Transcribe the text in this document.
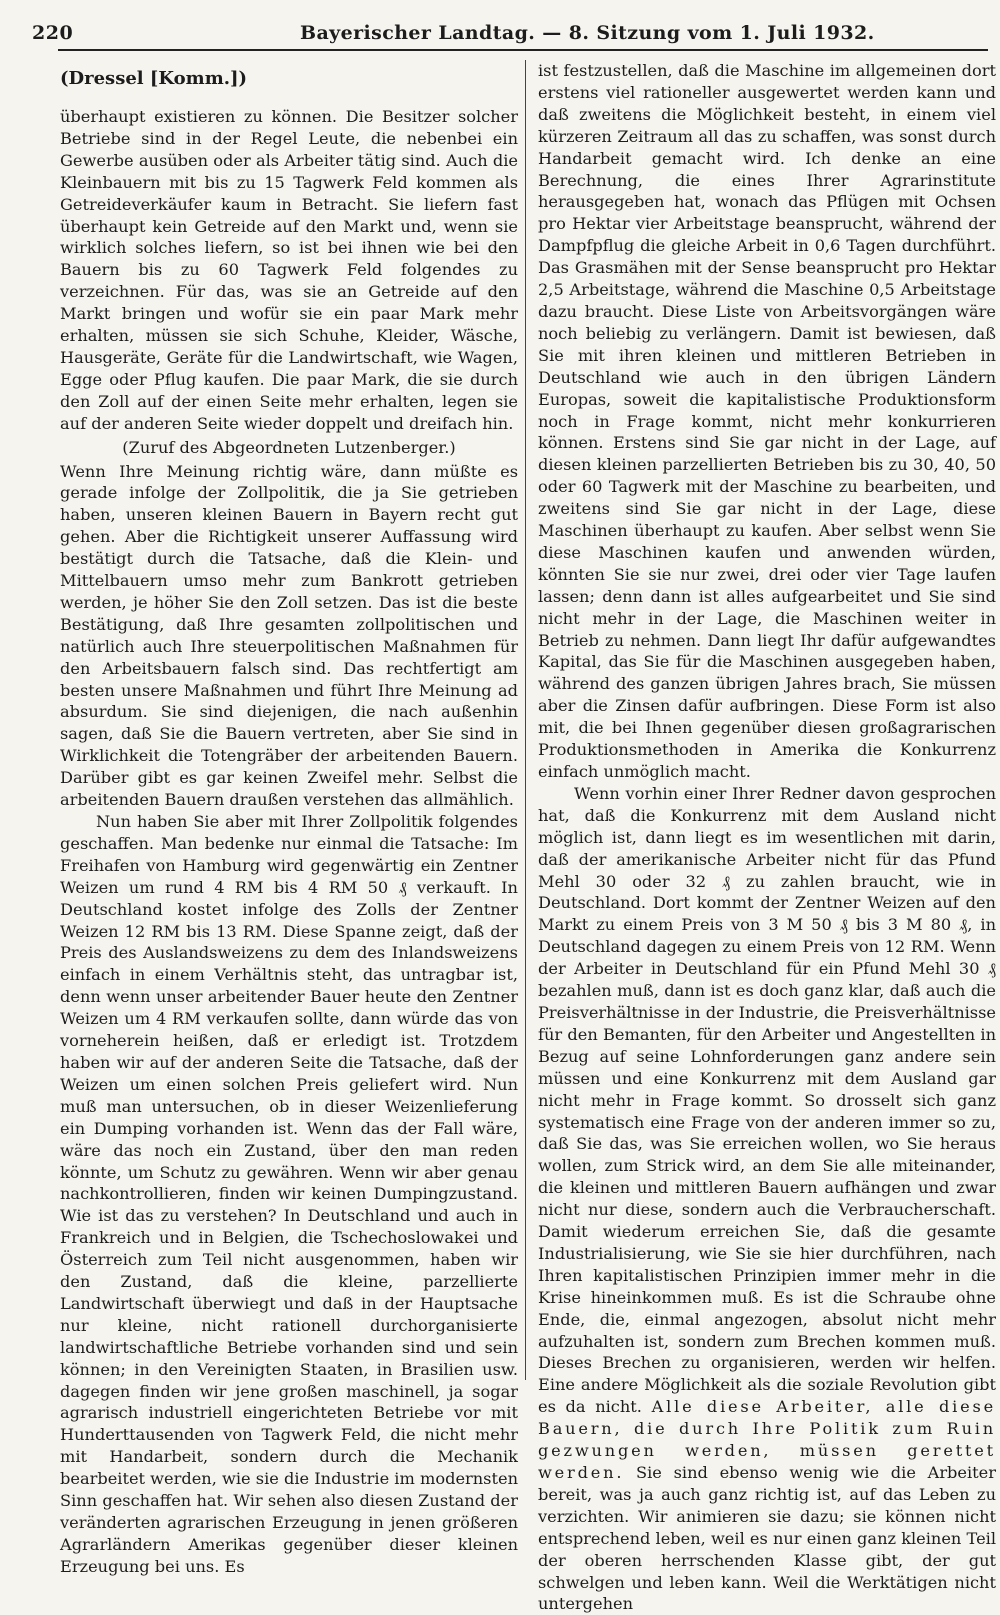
220	Bayerischer Landtag. — 8. Sitzung vom 1. Juli 1932.
(Dressel [Komm.])

überhaupt existieren zu können. Die Besitzer solcher Betriebe sind in der Regel Leute, die nebenbei ein Gewerbe ausüben oder als Arbeiter tätig sind. Auch die Kleinbauern mit bis zu 15 Tagwerk Feld kommen als Getreideverkäufer kaum in Betracht. Sie liefern fast überhaupt kein Getreide auf den Markt und, wenn sie wirklich solches liefern, so ist bei ihnen wie bei den Bauern bis zu 60 Tagwerk Feld folgendes zu verzeichnen. Für das, was sie an Getreide auf den Markt bringen und wofür sie ein paar Mark mehr erhalten, müssen sie sich Schuhe, Kleider, Wäsche, Hausgeräte, Geräte für die Landwirtschaft, wie Wagen, Egge oder Pflug kaufen. Die paar Mark, die sie durch den Zoll auf der einen Seite mehr erhalten, legen sie auf der anderen Seite wieder doppelt und dreifach hin.

(Zuruf des Abgeordneten Lutzenberger.)

Wenn Ihre Meinung richtig wäre, dann müßte es gerade infolge der Zollpolitik, die ja Sie getrieben haben, unseren kleinen Bauern in Bayern recht gut gehen. Aber die Richtigkeit unserer Auffassung wird bestätigt durch die Tatsache, daß die Klein- und Mittelbauern umso mehr zum Bankrott getrieben werden, je höher Sie den Zoll setzen. Das ist die beste Bestätigung, daß Ihre gesamten zollpolitischen und natürlich auch Ihre steuerpolitischen Maßnahmen für den Arbeitsbauern falsch sind. Das rechtfertigt am besten unsere Maßnahmen und führt Ihre Meinung ad absurdum. Sie sind diejenigen, die nach außenhin sagen, daß Sie die Bauern vertreten, aber Sie sind in Wirklichkeit die Totengräber der arbeitenden Bauern. Darüber gibt es gar keinen Zweifel mehr. Selbst die arbeitenden Bauern draußen verstehen das allmählich.

Nun haben Sie aber mit Ihrer Zollpolitik folgendes geschaffen. Man bedenke nur einmal die Tatsache: Im Freihafen von Hamburg wird gegenwärtig ein Zentner Weizen um rund 4 RM bis 4 RM 50 ₰ verkauft. In Deutschland kostet infolge des Zolls der Zentner Weizen 12 RM bis 13 RM. Diese Spanne zeigt, daß der Preis des Auslandsweizens zu dem des Inlandsweizens einfach in einem Verhältnis steht, das untragbar ist, denn wenn unser arbeitender Bauer heute den Zentner Weizen um 4 RM verkaufen sollte, dann würde das von vorneherein heißen, daß er erledigt ist. Trotzdem haben wir auf der anderen Seite die Tatsache, daß der Weizen um einen solchen Preis geliefert wird. Nun muß man untersuchen, ob in dieser Weizenlieferung ein Dumping vorhanden ist. Wenn das der Fall wäre, wäre das noch ein Zustand, über den man reden könnte, um Schutz zu gewähren. Wenn wir aber genau nachkontrollieren, finden wir keinen Dumpingzustand. Wie ist das zu verstehen? In Deutschland und auch in Frankreich und in Belgien, die Tschechoslowakei und Österreich zum Teil nicht ausgenommen, haben wir den Zustand, daß die kleine, parzellierte Landwirtschaft überwiegt und daß in der Hauptsache nur kleine, nicht rationell durchorganisierte landwirtschaftliche Betriebe vorhanden sind und sein können; in den Vereinigten Staaten, in Brasilien usw. dagegen finden wir jene großen maschinell, ja sogar agrarisch industriell eingerichteten Betriebe vor mit Hunderttausenden von Tagwerk Feld, die nicht mehr mit Handarbeit, sondern durch die Mechanik bearbeitet werden, wie sie die Industrie im modernsten Sinn geschaffen hat. Wir sehen also diesen Zustand der veränderten agrarischen Erzeugung in jenen größeren Agrarländern Amerikas gegenüber dieser kleinen Erzeugung bei uns. Es

ist festzustellen, daß die Maschine im allgemeinen dort erstens viel rationeller ausgewertet werden kann und daß zweitens die Möglichkeit besteht, in einem viel kürzeren Zeitraum all das zu schaffen, was sonst durch Handarbeit gemacht wird. Ich denke an eine Berechnung, die eines Ihrer Agrarinstitute herausgegeben hat, wonach das Pflügen mit Ochsen pro Hektar vier Arbeitstage beansprucht, während der Dampfpflug die gleiche Arbeit in 0,6 Tagen durchführt. Das Grasmähen mit der Sense beansprucht pro Hektar 2,5 Arbeitstage, während die Maschine 0,5 Arbeitstage dazu braucht. Diese Liste von Arbeitsvorgängen wäre noch beliebig zu verlängern. Damit ist bewiesen, daß Sie mit ihren kleinen und mittleren Betrieben in Deutschland wie auch in den übrigen Ländern Europas, soweit die kapitalistische Produktionsform noch in Frage kommt, nicht mehr konkurrieren können. Erstens sind Sie gar nicht in der Lage, auf diesen kleinen parzellierten Betrieben bis zu 30, 40, 50 oder 60 Tagwerk mit der Maschine zu bearbeiten, und zweitens sind Sie gar nicht in der Lage, diese Maschinen überhaupt zu kaufen. Aber selbst wenn Sie diese Maschinen kaufen und anwenden würden, könnten Sie sie nur zwei, drei oder vier Tage laufen lassen; denn dann ist alles aufgearbeitet und Sie sind nicht mehr in der Lage, die Maschinen weiter in Betrieb zu nehmen. Dann liegt Ihr dafür aufgewandtes Kapital, das Sie für die Maschinen ausgegeben haben, während des ganzen übrigen Jahres brach, Sie müssen aber die Zinsen dafür aufbringen. Diese Form ist also mit, die bei Ihnen gegenüber diesen großagrarischen Produktionsmethoden in Amerika die Konkurrenz einfach unmöglich macht.

Wenn vorhin einer Ihrer Redner davon gesprochen hat, daß die Konkurrenz mit dem Ausland nicht möglich ist, dann liegt es im wesentlichen mit darin, daß der amerikanische Arbeiter nicht für das Pfund Mehl 30 oder 32 ₰ zu zahlen braucht, wie in Deutschland. Dort kommt der Zentner Weizen auf den Markt zu einem Preis von 3 M 50 ₰ bis 3 M 80 ₰, in Deutschland dagegen zu einem Preis von 12 RM. Wenn der Arbeiter in Deutschland für ein Pfund Mehl 30 ₰ bezahlen muß, dann ist es doch ganz klar, daß auch die Preisverhältnisse in der Industrie, die Preisverhältnisse für den Bemanten, für den Arbeiter und Angestellten in Bezug auf seine Lohnforderungen ganz andere sein müssen und eine Konkurrenz mit dem Ausland gar nicht mehr in Frage kommt. So drosselt sich ganz systematisch eine Frage von der anderen immer so zu, daß Sie das, was Sie erreichen wollen, wo Sie heraus wollen, zum Strick wird, an dem Sie alle miteinander, die kleinen und mittleren Bauern aufhängen und zwar nicht nur diese, sondern auch die Verbraucherschaft. Damit wiederum erreichen Sie, daß die gesamte Industrialisierung, wie Sie sie hier durchführen, nach Ihren kapitalistischen Prinzipien immer mehr in die Krise hineinkommen muß. Es ist die Schraube ohne Ende, die, einmal angezogen, absolut nicht mehr aufzuhalten ist, sondern zum Brechen kommen muß. Dieses Brechen zu organisieren, werden wir helfen. Eine andere Möglichkeit als die soziale Revolution gibt es da nicht. Alle diese Arbeiter, alle diese Bauern, die durch Ihre Politik zum Ruin gezwungen werden, müssen gerettet werden. Sie sind ebenso wenig wie die Arbeiter bereit, was ja auch ganz richtig ist, auf das Leben zu verzichten. Wir animieren sie dazu; sie können nicht entsprechend leben, weil es nur einen ganz kleinen Teil der oberen herrschenden Klasse gibt, der gut schwelgen und leben kann. Weil die Werktätigen nicht untergehen
